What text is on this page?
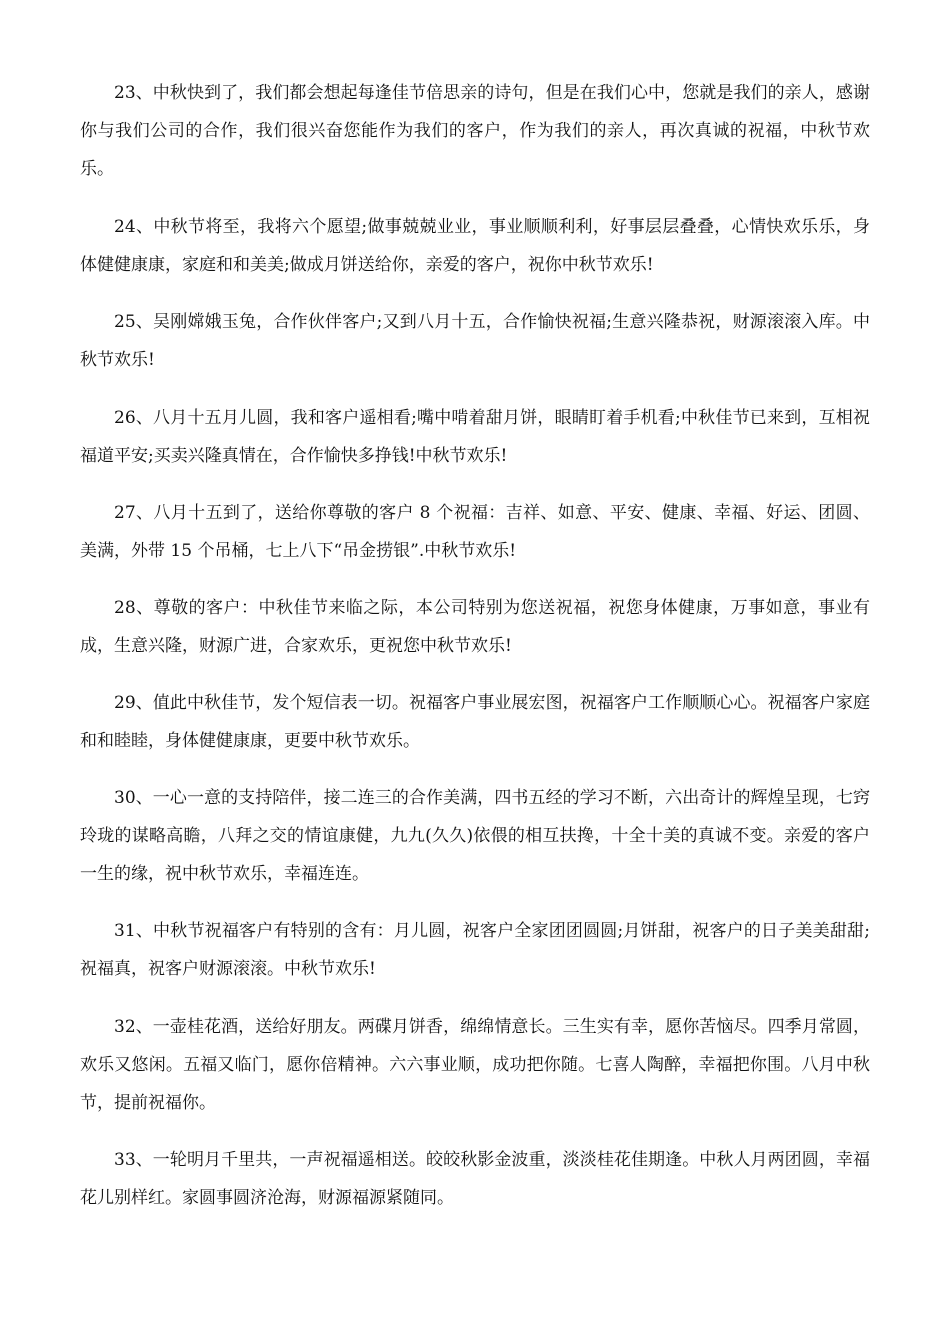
23、中秋快到了，我们都会想起每逢佳节倍思亲的诗句，但是在我们心中，您就是我们的亲人，感谢你与我们公司的合作，我们很兴奋您能作为我们的客户，作为我们的亲人，再次真诚的祝福，中秋节欢乐。

24、中秋节将至，我将六个愿望;做事兢兢业业，事业顺顺利利，好事层层叠叠，心情快欢乐乐，身体健健康康，家庭和和美美;做成月饼送给你，亲爱的客户，祝你中秋节欢乐!

25、吴刚嫦娥玉兔，合作伙伴客户;又到八月十五，合作愉快祝福;生意兴隆恭祝，财源滚滚入库。中秋节欢乐!

26、八月十五月儿圆，我和客户遥相看;嘴中啃着甜月饼，眼睛盯着手机看;中秋佳节已来到，互相祝福道平安;买卖兴隆真情在，合作愉快多挣钱!中秋节欢乐!

27、八月十五到了，送给你尊敬的客户 8 个祝福：吉祥、如意、平安、健康、幸福、好运、团圆、美满，外带 15 个吊桶，七上八下“吊金捞银”.中秋节欢乐!

28、尊敬的客户：中秋佳节来临之际，本公司特别为您送祝福，祝您身体健康，万事如意，事业有成，生意兴隆，财源广进，合家欢乐，更祝您中秋节欢乐!

29、值此中秋佳节，发个短信表一切。祝福客户事业展宏图，祝福客户工作顺顺心心。祝福客户家庭和和睦睦，身体健健康康，更要中秋节欢乐。

30、一心一意的支持陪伴，接二连三的合作美满，四书五经的学习不断，六出奇计的辉煌呈现，七窍玲珑的谋略高瞻，八拜之交的情谊康健，九九(久久)依偎的相互扶搀，十全十美的真诚不变。亲爱的客户一生的缘，祝中秋节欢乐，幸福连连。

31、中秋节祝福客户有特别的含有：月儿圆，祝客户全家团团圆圆;月饼甜，祝客户的日子美美甜甜;祝福真，祝客户财源滚滚。中秋节欢乐!

32、一壶桂花酒，送给好朋友。两碟月饼香，绵绵情意长。三生实有幸，愿你苦恼尽。四季月常圆，欢乐又悠闲。五福又临门，愿你倍精神。六六事业顺，成功把你随。七喜人陶醉，幸福把你围。八月中秋节，提前祝福你。

33、一轮明月千里共，一声祝福遥相送。皎皎秋影金波重，淡淡桂花佳期逢。中秋人月两团圆，幸福花儿别样红。家圆事圆济沧海，财源福源紧随同。
